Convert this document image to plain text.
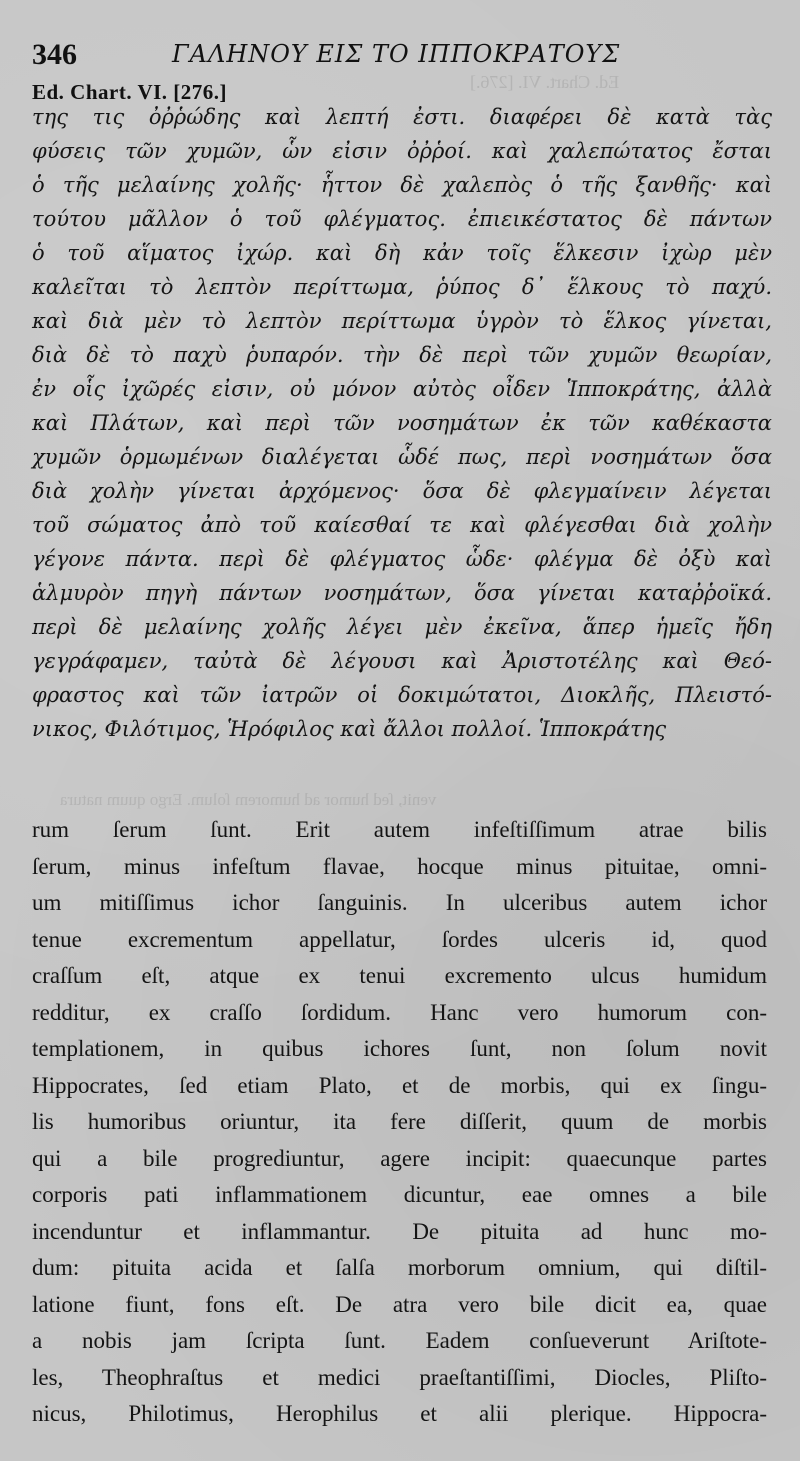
Ed. Chart. VI. [276.]
venit, ſed humor ad humorem ſolum. Ergo quum natura
346	ΓΑΛΗΝΟΥ ΕΙΣ ΤΟ ΙΠΠΟΚΡΑΤΟΥΣ
Ed. Chart. VI. [276.]
της τις ὀῤῥώδης καὶ λεπτή ἐστι. διαφέρει δὲ κατὰ τὰς
φύσεις τῶν χυμῶν, ὧν εἰσιν ὀῤῥοί. καὶ χαλεπώτατος ἔσται
ὁ τῆς μελαίνης χολῆς· ἧττον δὲ χαλεπὸς ὁ τῆς ξανθῆς· καὶ
τούτου μᾶλλον ὁ τοῦ φλέγματος. ἐπιεικέστατος δὲ πάντων
ὁ τοῦ αἵματος ἰχώρ. καὶ δὴ κἀν τοῖς ἕλκεσιν ἰχὼρ μὲν
καλεῖται τὸ λεπτὸν περίττωμα, ῥύπος δ᾽ ἕλκους τὸ παχύ.
καὶ διὰ μὲν τὸ λεπτὸν περίττωμα ὑγρὸν τὸ ἕλκος γίνεται,
διὰ δὲ τὸ παχὺ ῥυπαρόν. τὴν δὲ περὶ τῶν χυμῶν θεωρίαν,
ἐν οἷς ἰχῶρές εἰσιν, οὐ μόνον αὐτὸς οἶδεν Ἱπποκράτης, ἀλλὰ
καὶ Πλάτων, καὶ περὶ τῶν νοσημάτων ἐκ τῶν καθέκαστα
χυμῶν ὁρμωμένων διαλέγεται ὧδέ πως, περὶ νοσημάτων ὅσα
διὰ χολὴν γίνεται ἀρχόμενος· ὅσα δὲ φλεγμαίνειν λέγεται
τοῦ σώματος ἀπὸ τοῦ καίεσθαί τε καὶ φλέγεσθαι διὰ χολὴν
γέγονε πάντα. περὶ δὲ φλέγματος ὧδε· φλέγμα δὲ ὀξὺ καὶ
ἁλμυρὸν πηγὴ πάντων νοσημάτων, ὅσα γίνεται καταῤῥοϊκά.
περὶ δὲ μελαίνης χολῆς λέγει μὲν ἐκεῖνα, ἅπερ ἡμεῖς ἤδη
γεγράφαμεν, ταὐτὰ δὲ λέγουσι καὶ Ἀριστοτέλης καὶ Θεό-
φραστος καὶ τῶν ἰατρῶν οἱ δοκιμώτατοι, Διοκλῆς, Πλειστό-
νικος, Φιλότιμος, Ἡρόφιλος καὶ ἄλλοι πολλοί. Ἱπποκράτης
rum ſerum ſunt. Erit autem infeſtiſſimum atrae bilis
ſerum, minus infeſtum flavae, hocque minus pituitae, omni-
um mitiſſimus ichor ſanguinis. In ulceribus autem ichor
tenue excrementum appellatur, ſordes ulceris id, quod
craſſum eſt, atque ex tenui excremento ulcus humidum
redditur, ex craſſo ſordidum. Hanc vero humorum con-
templationem, in quibus ichores ſunt, non ſolum novit
Hippocrates, ſed etiam Plato, et de morbis, qui ex ſingu-
lis humoribus oriuntur, ita fere diſſerit, quum de morbis
qui a bile progrediuntur, agere incipit: quaecunque partes
corporis pati inflammationem dicuntur, eae omnes a bile
incenduntur et inflammantur. De pituita ad hunc mo-
dum: pituita acida et ſalſa morborum omnium, qui diſtil-
latione fiunt, fons eſt. De atra vero bile dicit ea, quae
a nobis jam ſcripta ſunt. Eadem conſueverunt Ariſtote-
les, Theophraſtus et medici praeſtantiſſimi, Diocles, Pliſto-
nicus, Philotimus, Herophilus et alii plerique. Hippocra-
